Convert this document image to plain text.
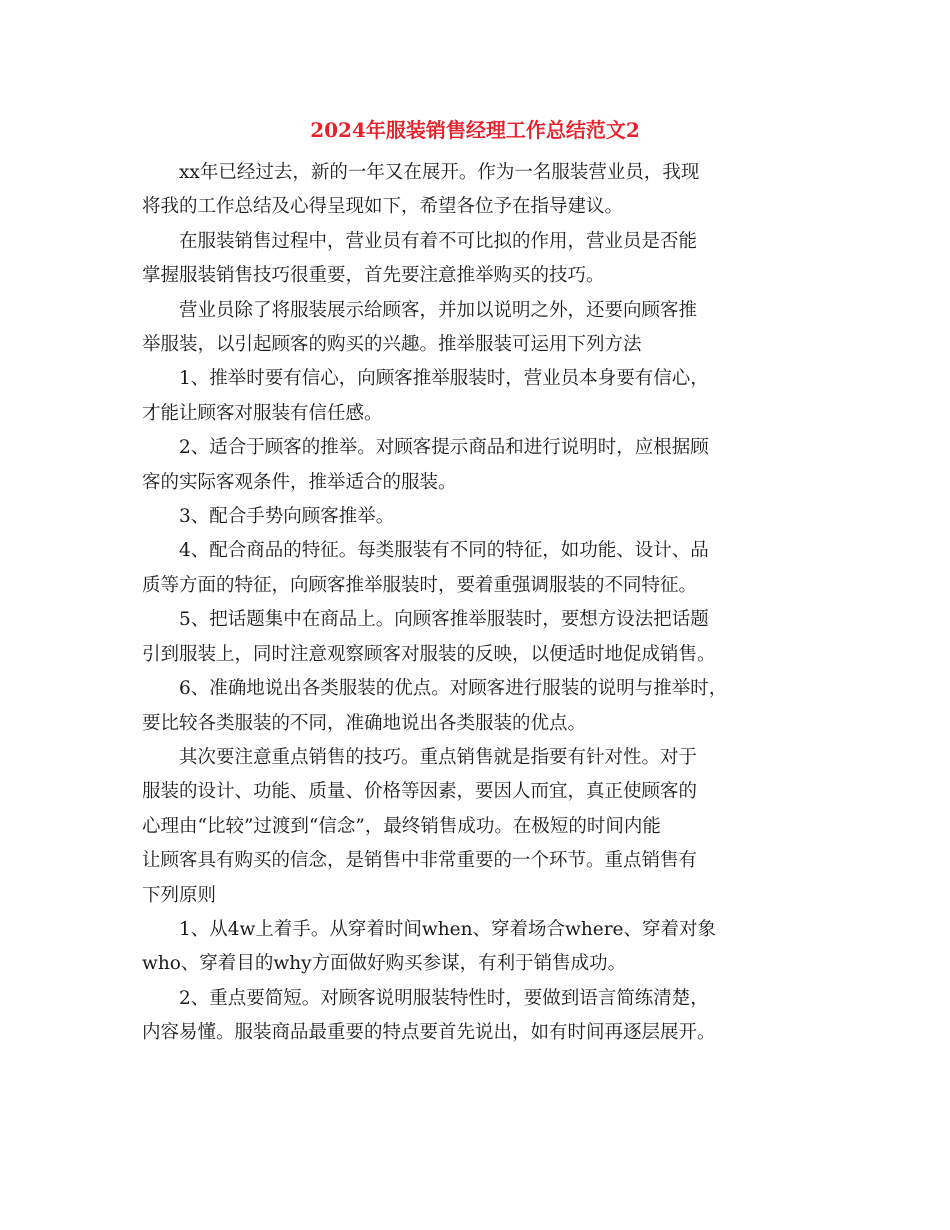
2024年服装销售经理工作总结范文2

xx年已经过去，新的一年又在展开。作为一名服装营业员，我现
将我的工作总结及心得呈现如下，希望各位予在指导建议。

在服装销售过程中，营业员有着不可比拟的作用，营业员是否能
掌握服装销售技巧很重要，首先要注意推举购买的技巧。

营业员除了将服装展示给顾客，并加以说明之外，还要向顾客推
举服装，以引起顾客的购买的兴趣。推举服装可运用下列方法

1、推举时要有信心，向顾客推举服装时，营业员本身要有信心，
才能让顾客对服装有信任感。

2、适合于顾客的推举。对顾客提示商品和进行说明时，应根据顾
客的实际客观条件，推举适合的服装。

3、配合手势向顾客推举。

4、配合商品的特征。每类服装有不同的特征，如功能、设计、品
质等方面的特征，向顾客推举服装时，要着重强调服装的不同特征。

5、把话题集中在商品上。向顾客推举服装时，要想方设法把话题
引到服装上，同时注意观察顾客对服装的反映，以便适时地促成销售。

6、准确地说出各类服装的优点。对顾客进行服装的说明与推举时，
要比较各类服装的不同，准确地说出各类服装的优点。

其次要注意重点销售的技巧。重点销售就是指要有针对性。对于
服装的设计、功能、质量、价格等因素，要因人而宜，真正使顾客的
心理由“比较”过渡到“信念”，最终销售成功。在极短的时间内能
让顾客具有购买的信念，是销售中非常重要的一个环节。重点销售有
下列原则

1、从4w上着手。从穿着时间when、穿着场合where、穿着对象
who、穿着目的why方面做好购买参谋，有利于销售成功。

2、重点要简短。对顾客说明服装特性时，要做到语言简练清楚，
内容易懂。服装商品最重要的特点要首先说出，如有时间再逐层展开。
